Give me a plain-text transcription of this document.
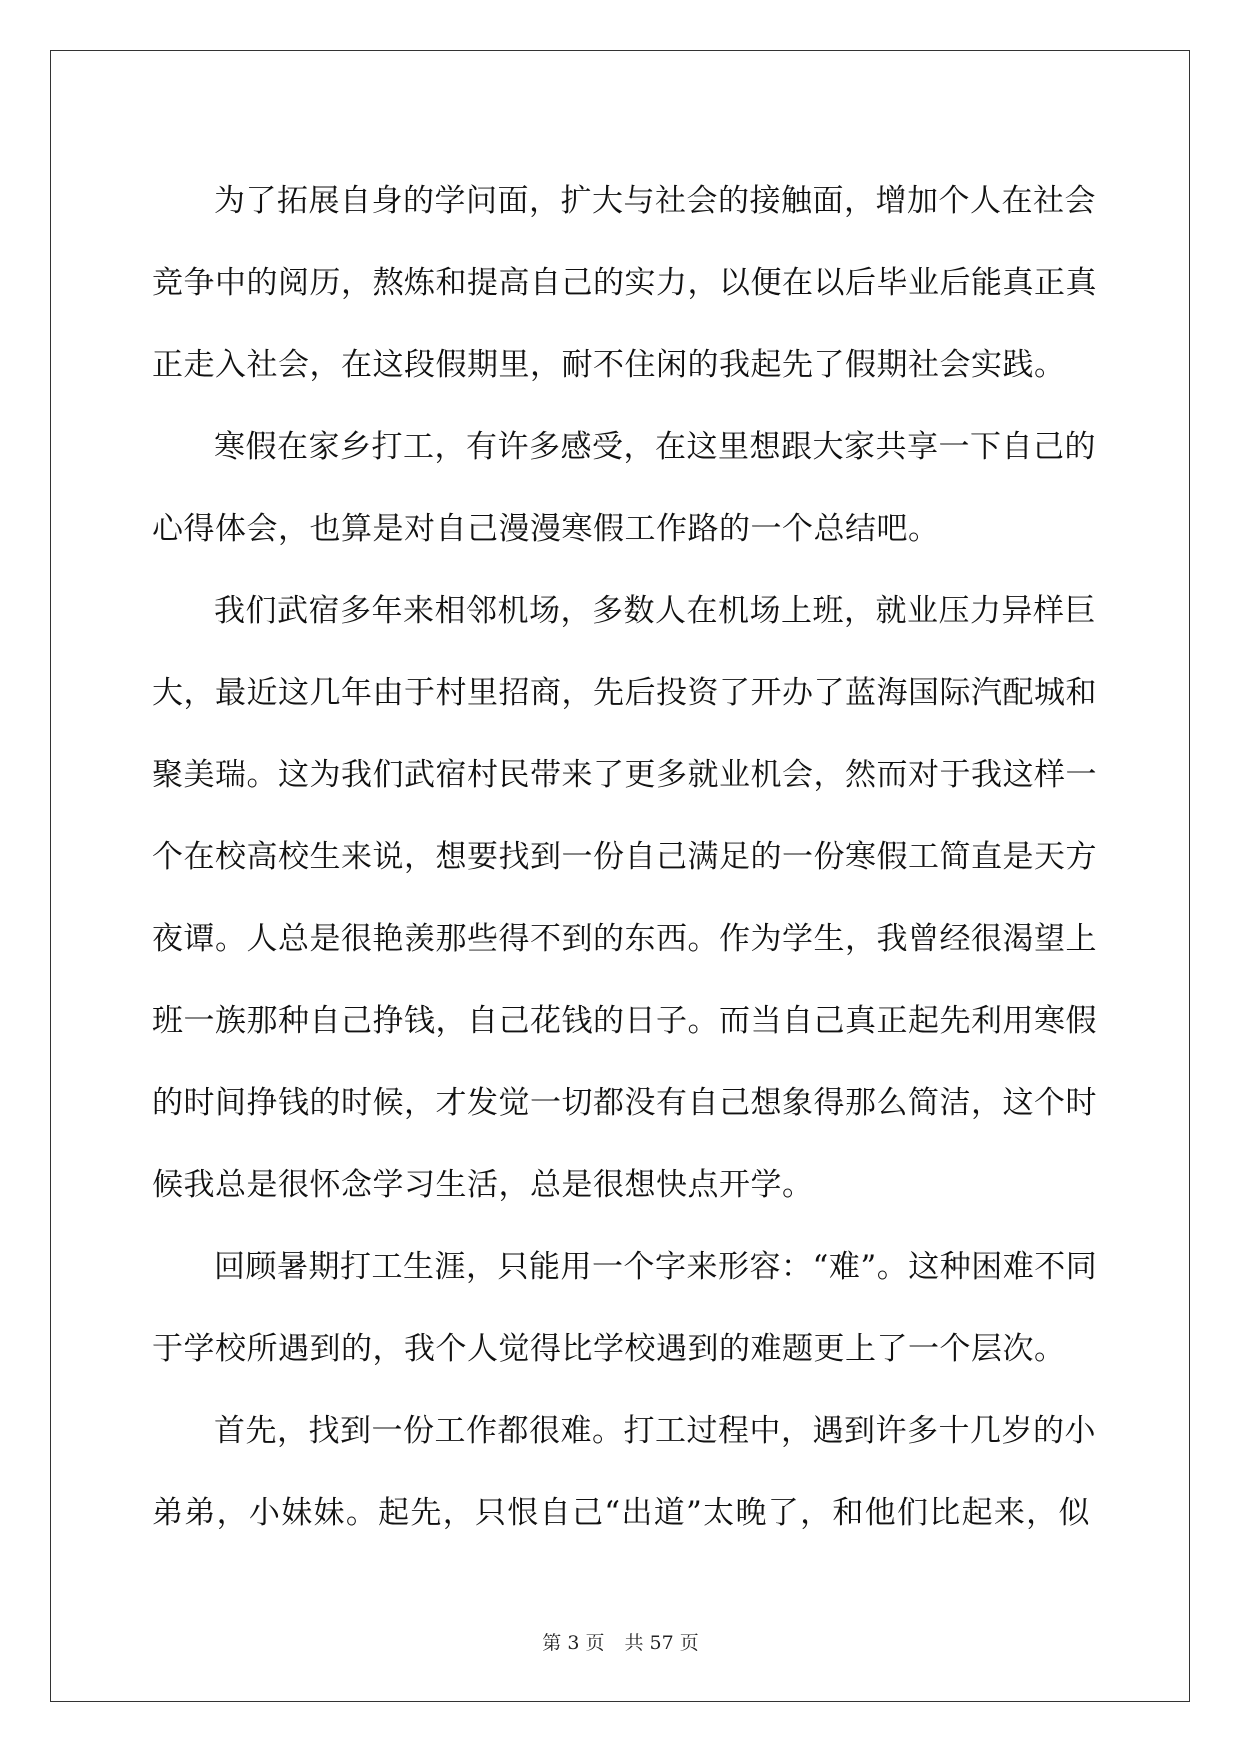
为了拓展自身的学问面，扩大与社会的接触面，增加个人在社会
竞争中的阅历，熬炼和提高自己的实力，以便在以后毕业后能真正真
正走入社会，在这段假期里，耐不住闲的我起先了假期社会实践。
寒假在家乡打工，有许多感受，在这里想跟大家共享一下自己的
心得体会，也算是对自己漫漫寒假工作路的一个总结吧。
我们武宿多年来相邻机场，多数人在机场上班，就业压力异样巨
大，最近这几年由于村里招商，先后投资了开办了蓝海国际汽配城和
聚美瑞。这为我们武宿村民带来了更多就业机会，然而对于我这样一
个在校高校生来说，想要找到一份自己满足的一份寒假工简直是天方
夜谭。人总是很艳羡那些得不到的东西。作为学生，我曾经很渴望上
班一族那种自己挣钱，自己花钱的日子。而当自己真正起先利用寒假
的时间挣钱的时候，才发觉一切都没有自己想象得那么简洁，这个时
候我总是很怀念学习生活，总是很想快点开学。
回顾暑期打工生涯，只能用一个字来形容：“难”。这种困难不同
于学校所遇到的，我个人觉得比学校遇到的难题更上了一个层次。
首先，找到一份工作都很难。打工过程中，遇到许多十几岁的小
弟弟，小妹妹。起先，只恨自己“出道”太晚了，和他们比起来，似
第 3 页 共 57 页
